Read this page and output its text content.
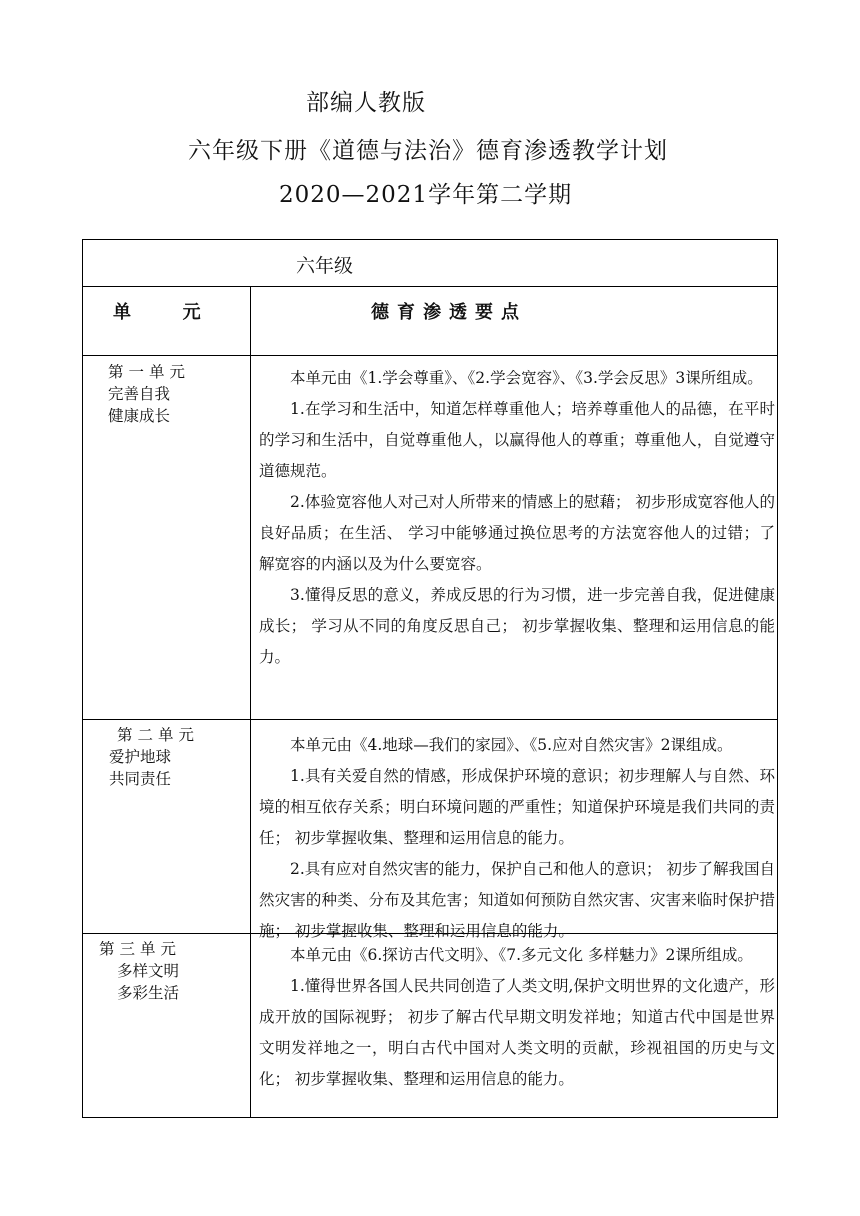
部编人教版
六年级下册《道德与法治》德育渗透教学计划
2020—2021学年第二学期
六年级
单      元	德育渗透要点
第一单元
完善自我
健康成长

本单元由《1.学会尊重》、《2.学会宽容》、《3.学会反思》3课所组成。

1.在学习和生活中，知道怎样尊重他人；培养尊重他人的品德，在平时的学习和生活中，自觉尊重他人，以赢得他人的尊重；尊重他人，自觉遵守道德规范。

2.体验宽容他人对己对人所带来的情感上的慰藉； 初步形成宽容他人的良好品质；在生活、 学习中能够通过换位思考的方法宽容他人的过错；了解宽容的内涵以及为什么要宽容。

3.懂得反思的意义，养成反思的行为习惯，进一步完善自我，促进健康成长； 学习从不同的角度反思自己； 初步掌握收集、整理和运用信息的能力。

第二单元
爱护地球
共同责任

本单元由《4.地球—我们的家园》、《5.应对自然灾害》2课组成。

1.具有关爱自然的情感，形成保护环境的意识；初步理解人与自然、环境的相互依存关系；明白环境问题的严重性；知道保护环境是我们共同的责任； 初步掌握收集、整理和运用信息的能力。

2.具有应对自然灾害的能力，保护自己和他人的意识； 初步了解我国自然灾害的种类、分布及其危害；知道如何预防自然灾害、灾害来临时保护措施； 初步掌握收集、整理和运用信息的能力。

第三单元
多样文明
多彩生活

本单元由《6.探访古代文明》、《7.多元文化 多样魅力》2课所组成。

1.懂得世界各国人民共同创造了人类文明,保护文明世界的文化遗产，形成开放的国际视野； 初步了解古代早期文明发祥地；知道古代中国是世界文明发祥地之一，明白古代中国对人类文明的贡献，珍视祖国的历史与文化； 初步掌握收集、整理和运用信息的能力。
